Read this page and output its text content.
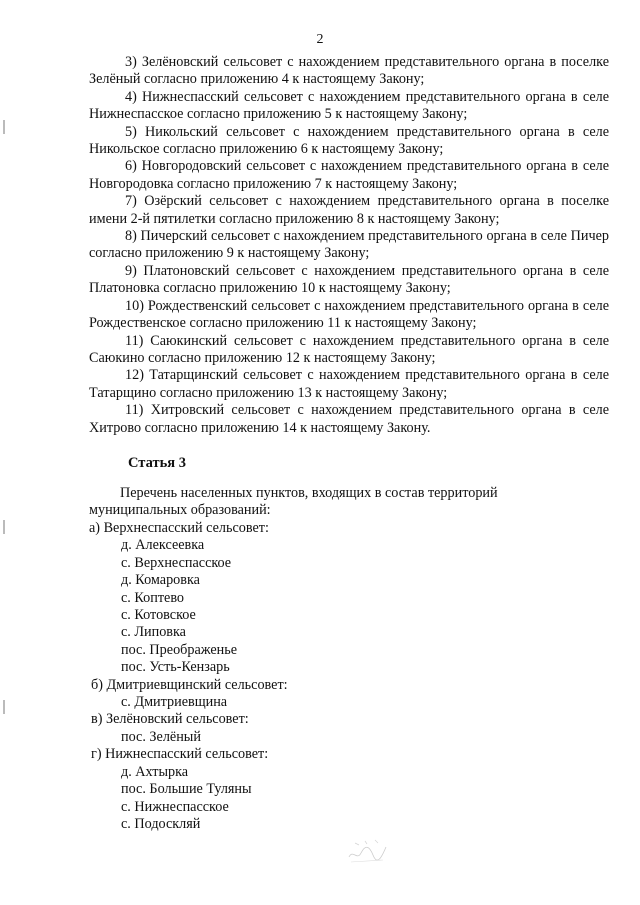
2

3) Зелёновский сельсовет с нахождением представительного органа в поселке Зелёный согласно приложению 4 к настоящему Закону;

4) Нижнеспасский сельсовет с нахождением представительного органа в селе Нижнеспасское согласно приложению 5 к настоящему Закону;

5) Никольский сельсовет с нахождением представительного органа в селе Никольское согласно приложению 6 к настоящему Закону;

6) Новгородовский сельсовет с нахождением представительного органа в селе Новгородовка согласно приложению 7 к настоящему Закону;

7) Озёрский сельсовет с нахождением представительного органа в поселке имени 2-й пятилетки согласно приложению 8 к настоящему Закону;

8) Пичерский сельсовет с нахождением представительного органа в селе Пичер согласно приложению 9 к настоящему Закону;

9) Платоновский сельсовет с нахождением представительного органа в селе Платоновка согласно приложению 10 к настоящему Закону;

10) Рождественский сельсовет с нахождением представительного органа в селе Рождественское согласно приложению 11 к настоящему Закону;

11) Саюкинский сельсовет с нахождением представительного органа в селе Саюкино согласно приложению 12 к настоящему Закону;

12) Татарщинский сельсовет с нахождением представительного органа в селе Татарщино согласно приложению 13 к настоящему Закону;

11) Хитровский сельсовет с нахождением представительного органа в селе Хитрово согласно приложению 14 к настоящему Закону.

Статья 3

Перечень населенных пунктов, входящих в состав территорий муниципальных образований:

а) Верхнеспасский сельсовет:
д. Алексеевка
с. Верхнеспасское
д. Комаровка
с. Коптево
с. Котовское
с. Липовка
пос. Преображенье
пос. Усть-Кензарь
б) Дмитриевщинский сельсовет:
с. Дмитриевщина
в) Зелёновский сельсовет:
пос. Зелёный
г) Нижнеспасский сельсовет:
д. Ахтырка
пос. Большие Туляны
с. Нижнеспасское
с. Подоскляй
